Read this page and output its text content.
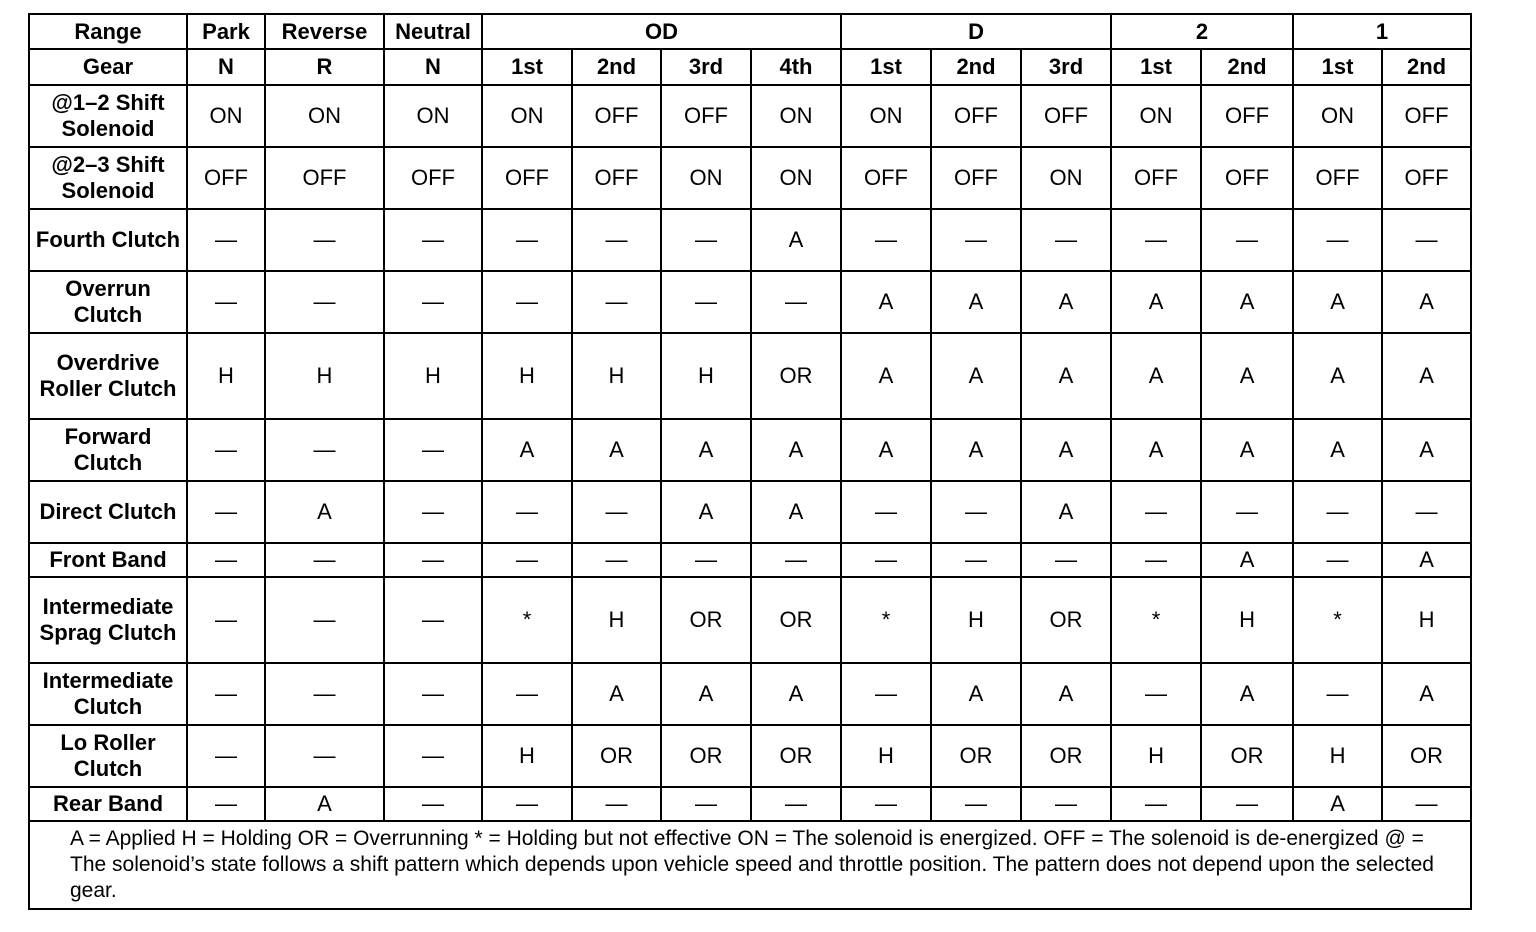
Range	Park	Reverse	Neutral	OD				D			2		1	
Gear	N	R	N	1st	2nd	3rd	4th	1st	2nd	3rd	1st	2nd	1st	2nd
@1–2 Shift Solenoid	ON	ON	ON	ON	OFF	OFF	ON	ON	OFF	OFF	ON	OFF	ON	OFF
@2–3 Shift Solenoid	OFF	OFF	OFF	OFF	OFF	ON	ON	OFF	OFF	ON	OFF	OFF	OFF	OFF
Fourth Clutch	—	—	—	—	—	—	A	—	—	—	—	—	—	—
Overrun Clutch	—	—	—	—	—	—	—	A	A	A	A	A	A	A
Overdrive Roller Clutch	H	H	H	H	H	H	OR	A	A	A	A	A	A	A
Forward Clutch	—	—	—	A	A	A	A	A	A	A	A	A	A	A
Direct Clutch	—	A	—	—	—	A	A	—	—	A	—	—	—	—
Front Band	—	—	—	—	—	—	—	—	—	—	—	A	—	A
Intermediate Sprag Clutch	—	—	—	*	H	OR	OR	*	H	OR	*	H	*	H
Intermediate Clutch	—	—	—	—	A	A	A	—	A	A	—	A	—	A
Lo Roller Clutch	—	—	—	H	OR	OR	OR	H	OR	OR	H	OR	H	OR
Rear Band	—	A	—	—	—	—	—	—	—	—	—	—	A	—
A = Applied H = Holding OR = Overrunning * = Holding but not effective ON = The solenoid is energized. OFF = The solenoid is de-energized @ = The solenoid’s state follows a shift pattern which depends upon vehicle speed and throttle position. The pattern does not depend upon the selected gear.														
